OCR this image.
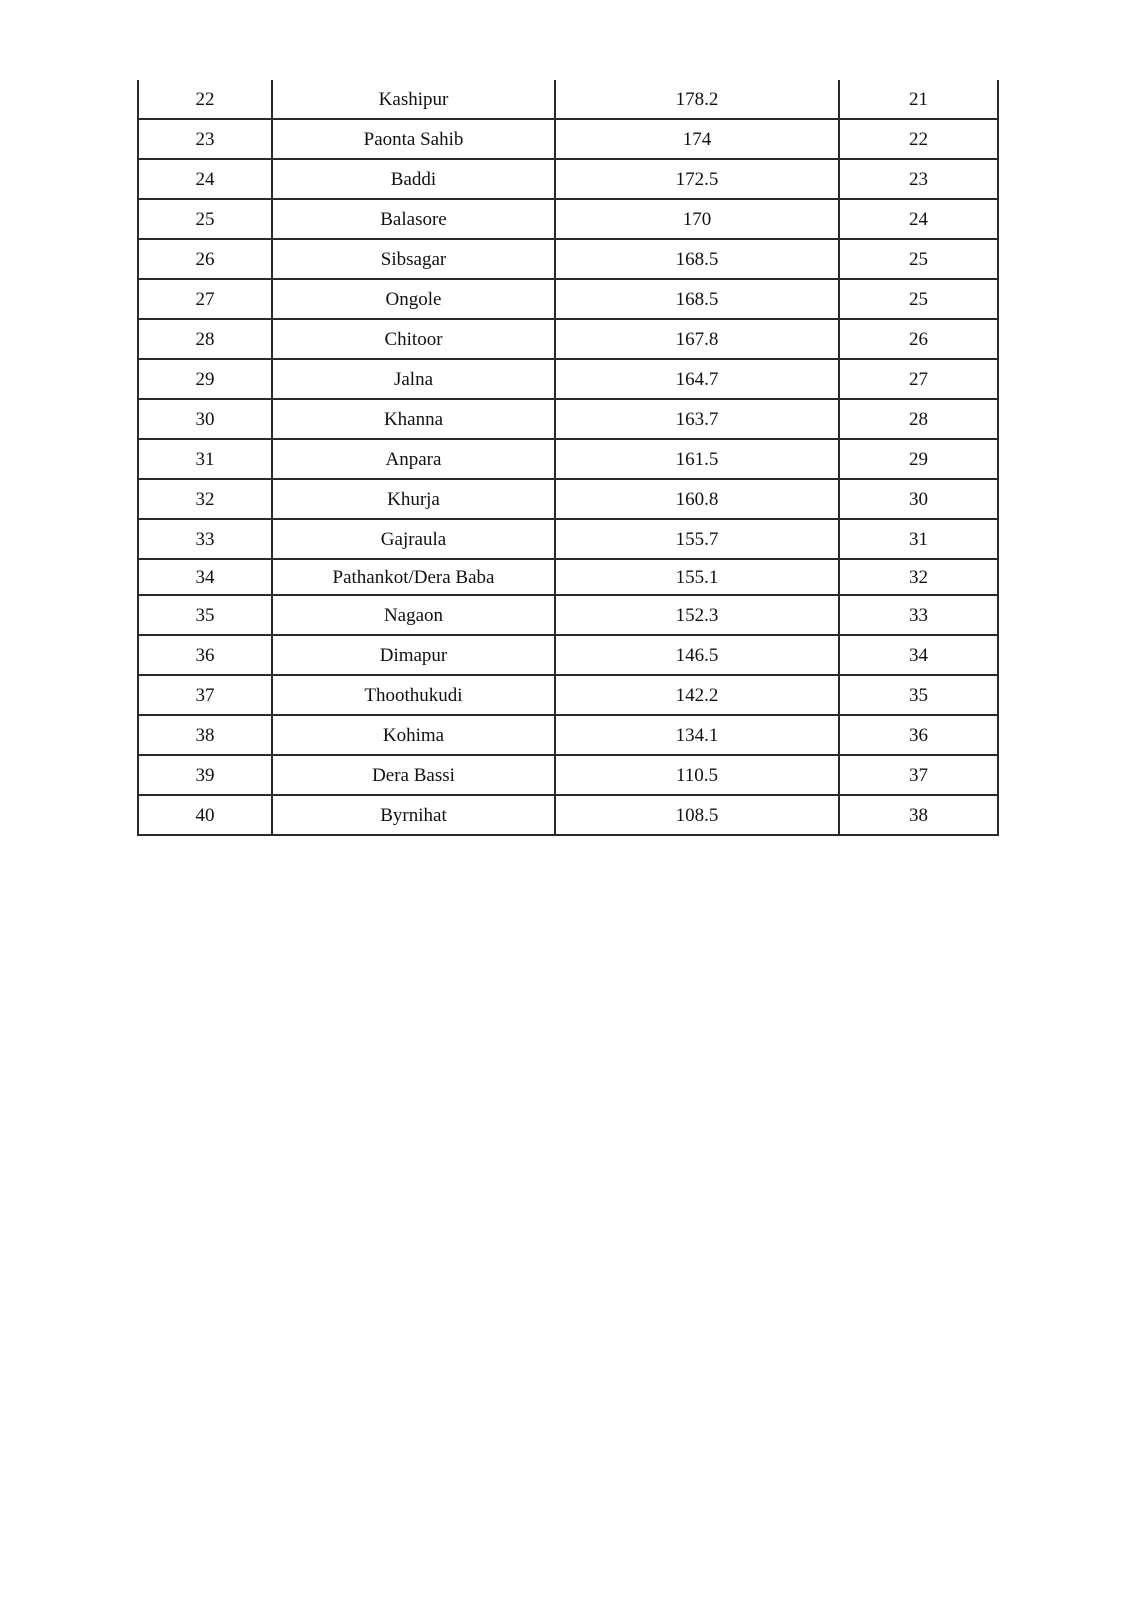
22	Kashipur	178.2	21
23	Paonta Sahib	174	22
24	Baddi	172.5	23
25	Balasore	170	24
26	Sibsagar	168.5	25
27	Ongole	168.5	25
28	Chitoor	167.8	26
29	Jalna	164.7	27
30	Khanna	163.7	28
31	Anpara	161.5	29
32	Khurja	160.8	30
33	Gajraula	155.7	31
34	Pathankot/Dera Baba	155.1	32
35	Nagaon	152.3	33
36	Dimapur	146.5	34
37	Thoothukudi	142.2	35
38	Kohima	134.1	36
39	Dera Bassi	110.5	37
40	Byrnihat	108.5	38
